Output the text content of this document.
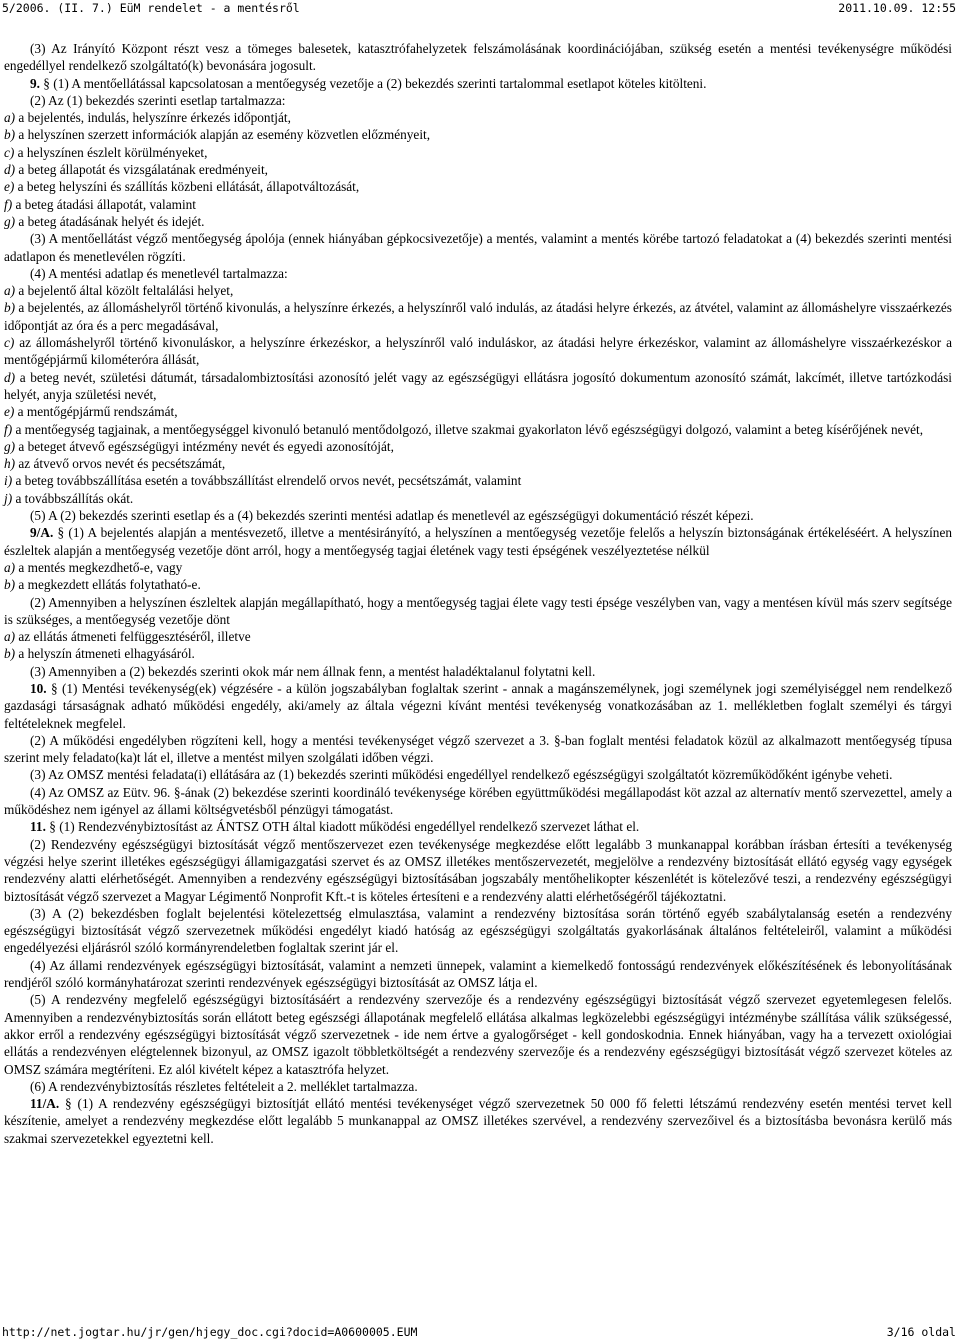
5/2006. (II. 7.) EüM rendelet - a mentésről	2011.10.09. 12:55

(3) Az Irányító Központ részt vesz a tömeges balesetek, katasztrófahelyzetek felszámolásának koordinációjában, szükség esetén a mentési tevékenységre működési engedéllyel rendelkező szolgáltató(k) bevonására jogosult.

9. § (1) A mentőellátással kapcsolatosan a mentőegység vezetője a (2) bekezdés szerinti tartalommal esetlapot köteles kitölteni.

(2) Az (1) bekezdés szerinti esetlap tartalmazza:

a) a bejelentés, indulás, helyszínre érkezés időpontját,

b) a helyszínen szerzett információk alapján az esemény közvetlen előzményeit,

c) a helyszínen észlelt körülményeket,

d) a beteg állapotát és vizsgálatának eredményeit,

e) a beteg helyszíni és szállítás közbeni ellátását, állapotváltozását,

f) a beteg átadási állapotát, valamint

g) a beteg átadásának helyét és idejét.

(3) A mentőellátást végző mentőegység ápolója (ennek hiányában gépkocsivezetője) a mentés, valamint a mentés körébe tartozó feladatokat a (4) bekezdés szerinti mentési adatlapon és menetlevélen rögzíti.

(4) A mentési adatlap és menetlevél tartalmazza:

a) a bejelentő által közölt feltalálási helyet,

b) a bejelentés, az állomáshelyről történő kivonulás, a helyszínre érkezés, a helyszínről való indulás, az átadási helyre érkezés, az átvétel, valamint az állomáshelyre visszaérkezés időpontját az óra és a perc megadásával,

c) az állomáshelyről történő kivonuláskor, a helyszínre érkezéskor, a helyszínről való induláskor, az átadási helyre érkezéskor, valamint az állomáshelyre visszaérkezéskor a mentőgépjármű kilométeróra állását,

d) a beteg nevét, születési dátumát, társadalombiztosítási azonosító jelét vagy az egészségügyi ellátásra jogosító dokumentum azonosító számát, lakcímét, illetve tartózkodási helyét, anyja születési nevét,

e) a mentőgépjármű rendszámát,

f) a mentőegység tagjainak, a mentőegységgel kivonuló betanuló mentődolgozó, illetve szakmai gyakorlaton lévő egészségügyi dolgozó, valamint a beteg kísérőjének nevét,

g) a beteget átvevő egészségügyi intézmény nevét és egyedi azonosítóját,

h) az átvevő orvos nevét és pecsétszámát,

i) a beteg továbbszállítása esetén a továbbszállítást elrendelő orvos nevét, pecsétszámát, valamint

j) a továbbszállítás okát.

(5) A (2) bekezdés szerinti esetlap és a (4) bekezdés szerinti mentési adatlap és menetlevél az egészségügyi dokumentáció részét képezi.

9/A. § (1) A bejelentés alapján a mentésvezető, illetve a mentésirányító, a helyszínen a mentőegység vezetője felelős a helyszín biztonságának értékeléséért. A helyszínen észleltek alapján a mentőegység vezetője dönt arról, hogy a mentőegység tagjai életének vagy testi épségének veszélyeztetése nélkül

a) a mentés megkezdhető-e, vagy

b) a megkezdett ellátás folytatható-e.

(2) Amennyiben a helyszínen észleltek alapján megállapítható, hogy a mentőegység tagjai élete vagy testi épsége veszélyben van, vagy a mentésen kívül más szerv segítsége is szükséges, a mentőegység vezetője dönt

a) az ellátás átmeneti felfüggesztéséről, illetve

b) a helyszín átmeneti elhagyásáról.

(3) Amennyiben a (2) bekezdés szerinti okok már nem állnak fenn, a mentést haladéktalanul folytatni kell.

10. § (1) Mentési tevékenység(ek) végzésére - a külön jogszabályban foglaltak szerint - annak a magánszemélynek, jogi személynek jogi személyiséggel nem rendelkező gazdasági társaságnak adható működési engedély, aki/amely az általa végezni kívánt mentési tevékenység vonatkozásában az 1. mellékletben foglalt személyi és tárgyi feltételeknek megfelel.

(2) A működési engedélyben rögzíteni kell, hogy a mentési tevékenységet végző szervezet a 3. §-ban foglalt mentési feladatok közül az alkalmazott mentőegység típusa szerint mely feladato(ka)t lát el, illetve a mentést milyen szolgálati időben végzi.

(3) Az OMSZ mentési feladata(i) ellátására az (1) bekezdés szerinti működési engedéllyel rendelkező egészségügyi szolgáltatót közreműködőként igénybe veheti.

(4) Az OMSZ az Eütv. 96. §-ának (2) bekezdése szerinti koordináló tevékenysége körében együttműködési megállapodást köt azzal az alternatív mentő szervezettel, amely a működéshez nem igényel az állami költségvetésből pénzügyi támogatást.

11. § (1) Rendezvénybiztosítást az ÁNTSZ OTH által kiadott működési engedéllyel rendelkező szervezet láthat el.

(2) Rendezvény egészségügyi biztosítását végző mentőszervezet ezen tevékenysége megkezdése előtt legalább 3 munkanappal korábban írásban értesíti a tevékenység végzési helye szerint illetékes egészségügyi államigazgatási szervet és az OMSZ illetékes mentőszervezetét, megjelölve a rendezvény biztosítását ellátó egység vagy egységek rendezvény alatti elérhetőségét. Amennyiben a rendezvény egészségügyi biztosításában jogszabály mentőhelikopter készenlétét is kötelezővé teszi, a rendezvény egészségügyi biztosítását végző szervezet a Magyar Légimentő Nonprofit Kft.-t is köteles értesíteni e a rendezvény alatti elérhetőségéről tájékoztatni.

(3) A (2) bekezdésben foglalt bejelentési kötelezettség elmulasztása, valamint a rendezvény biztosítása során történő egyéb szabálytalanság esetén a rendezvény egészségügyi biztosítását végző szervezetnek működési engedélyt kiadó hatóság az egészségügyi szolgáltatás gyakorlásának általános feltételeiről, valamint a működési engedélyezési eljárásról szóló kormányrendeletben foglaltak szerint jár el.

(4) Az állami rendezvények egészségügyi biztosítását, valamint a nemzeti ünnepek, valamint a kiemelkedő fontosságú rendezvények előkészítésének és lebonyolításának rendjéről szóló kormányhatározat szerinti rendezvények egészségügyi biztosítását az OMSZ látja el.

(5) A rendezvény megfelelő egészségügyi biztosításáért a rendezvény szervezője és a rendezvény egészségügyi biztosítását végző szervezet egyetemlegesen felelős. Amennyiben a rendezvénybiztosítás során ellátott beteg egészségi állapotának megfelelő ellátása alkalmas legközelebbi egészségügyi intézménybe szállítása válik szükségessé, akkor erről a rendezvény egészségügyi biztosítását végző szervezetnek - ide nem értve a gyalogőrséget - kell gondoskodnia. Ennek hiányában, vagy ha a tervezett oxiológiai ellátás a rendezvényen elégtelennek bizonyul, az OMSZ igazolt többletköltségét a rendezvény szervezője és a rendezvény egészségügyi biztosítását végző szervezet köteles az OMSZ számára megtéríteni. Ez alól kivételt képez a katasztrófa helyzet.

(6) A rendezvénybiztosítás részletes feltételeit a 2. melléklet tartalmazza.

11/A. § (1) A rendezvény egészségügyi biztosítját ellátó mentési tevékenységet végző szervezetnek 50 000 fő feletti létszámú rendezvény esetén mentési tervet kell készítenie, amelyet a rendezvény megkezdése előtt legalább 5 munkanappal az OMSZ illetékes szervével, a rendezvény szervezőivel és a biztosításba bevonásra kerülő más szakmai szervezetekkel egyeztetni kell.

http://net.jogtar.hu/jr/gen/hjegy_doc.cgi?docid=A0600005.EUM	3/16 oldal
